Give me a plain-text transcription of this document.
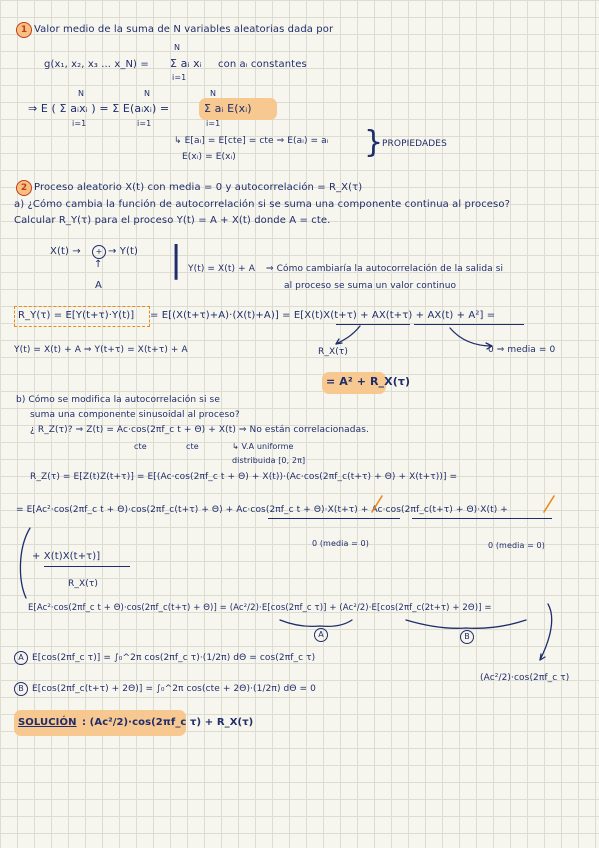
1 Valor medio de la suma de N variables aleatorias dada por
g(x₁, x₂, x₃ ... x_N) =
N
i=1
Σ aᵢ xᵢ con aᵢ constantes
N
i=1
N
i=1
N
i=1
⇒ E ( Σ aᵢxᵢ ) = Σ E(aᵢxᵢ) =	Σ aᵢ E(xᵢ)
↳ E[aᵢ] = E[cte] = cte ⇒ E(aᵢ) = aᵢ
E(xᵢ) = E(xᵢ)	}
PROPIEDADES
2 Proceso aleatorio X(t) con media = 0 y autocorrelación = R_X(τ)
a) ¿Cómo cambia la función de autocorrelación si se suma una componente continua al proceso?
Calcular R_Y(τ) para el proceso Y(t) = A + X(t) donde A = cte.
X(t) →	+ → Y(t)
↑
A
| Y(t) = X(t) + A ⇒ Cómo cambiaría la autocorrelación de la salida si
al proceso se suma un valor continuo
R_Y(τ) = E[Y(t+τ)·Y(t)] = E[(X(t+τ)+A)·(X(t)+A)] = E[X(t)X(t+τ) + AX(t+τ) + AX(t) + A²] =
Y(t) = X(t) + A ⇒ Y(t+τ) = X(t+τ) + A	R_X(τ)	0 ⇒ media = 0
= A² + R_X(τ)
b) Cómo se modifica la autocorrelación si se
suma una componente sinusoidal al proceso?
¿ R_Z(τ)? ⇒ Z(t) = Ac·cos(2πf_c t + Θ) + X(t) ⇒ No están correlacionadas.
cte	cte	↳ V.A uniforme
distribuida [0, 2π]
R_Z(τ) = E[Z(t)Z(t+τ)] = E[(Ac·cos(2πf_c t + Θ) + X(t))·(Ac·cos(2πf_c(t+τ) + Θ) + X(t+τ))] =
= E[Ac²·cos(2πf_c t + Θ)·cos(2πf_c(t+τ) + Θ) + Ac·cos(2πf_c t + Θ)·X(t+τ) + Ac·cos(2πf_c(t+τ) + Θ)·X(t) +
0 (media = 0)	0 (media = 0)
+ X(t)X(t+τ)]
R_X(τ)
E[Ac²·cos(2πf_c t + Θ)·cos(2πf_c(t+τ) + Θ)] = (Ac²/2)·E[cos(2πf_c τ)] + (Ac²/2)·E[cos(2πf_c(2t+τ) + 2Θ)] =
A	B
A E[cos(2πf_c τ)] = ∫₀^2π cos(2πf_c τ)·(1/2π) dΘ = cos(2πf_c τ)
B E[cos(2πf_c(t+τ) + 2Θ)] = ∫₀^2π cos(cte + 2Θ)·(1/2π) dΘ = 0
(Ac²/2)·cos(2πf_c τ)
SOLUCIÓN : (Ac²/2)·cos(2πf_c τ) + R_X(τ)
